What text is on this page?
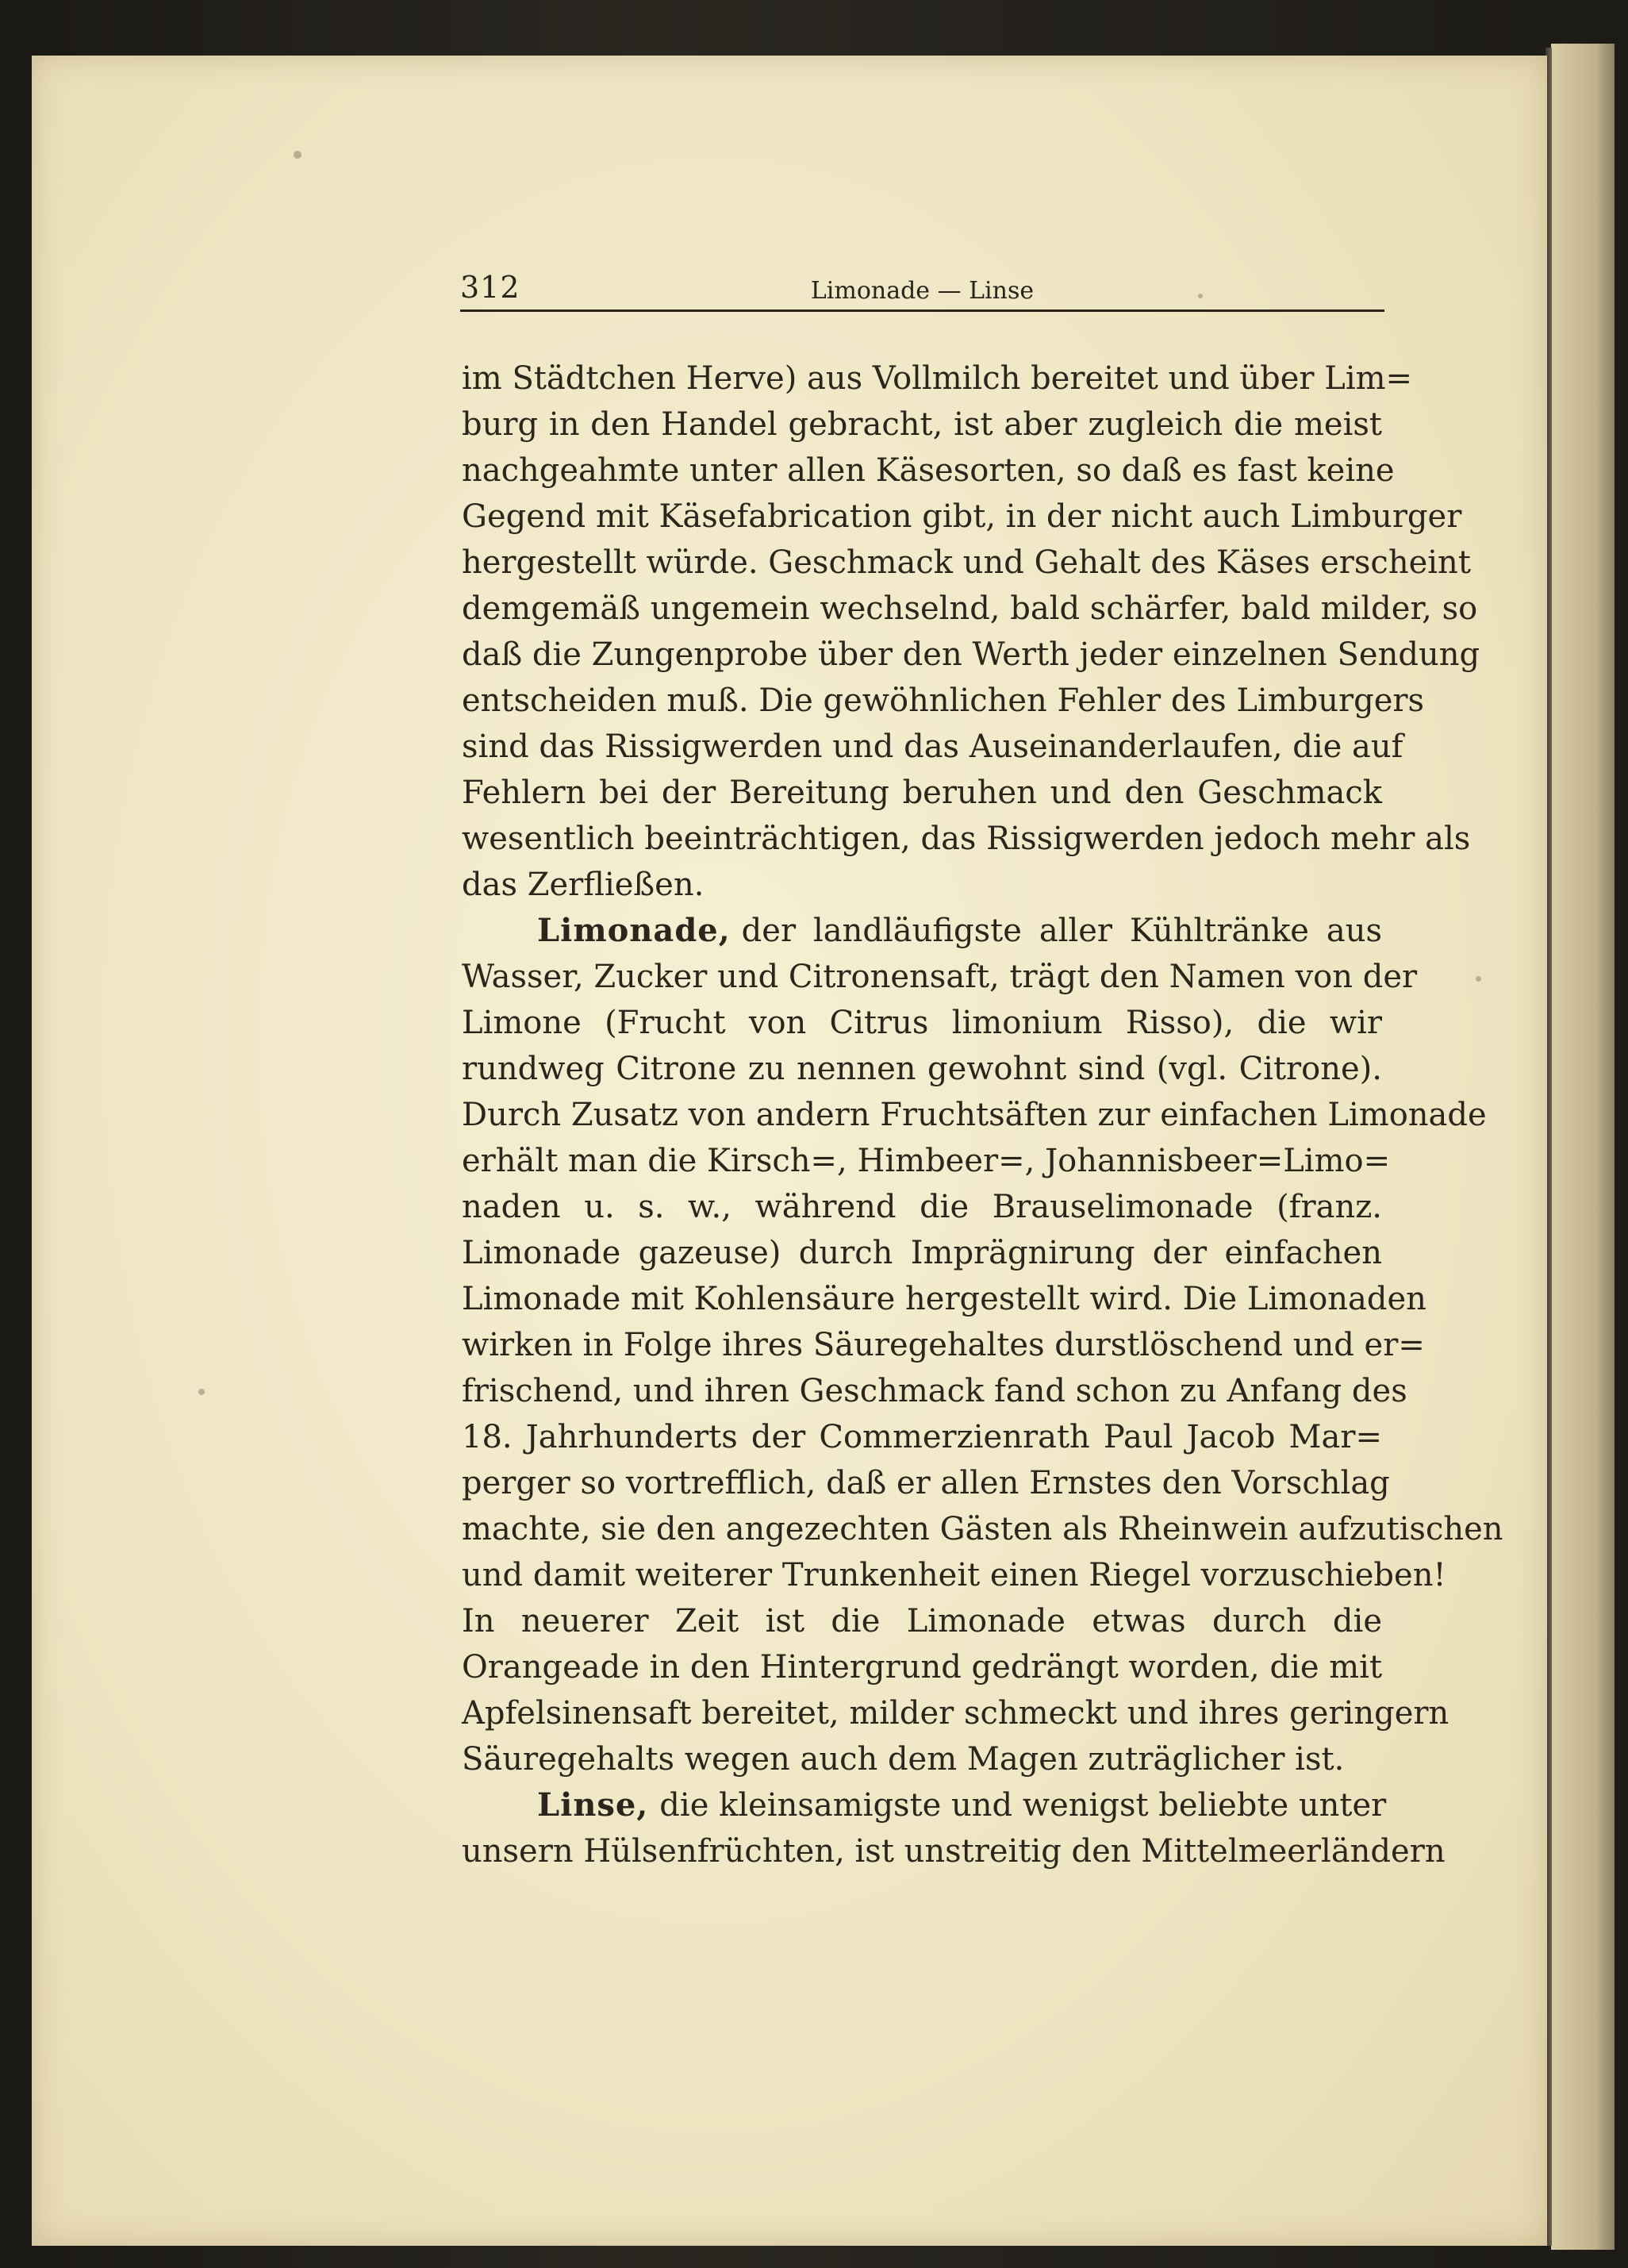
312	Limonade — Linse
im Städtchen Herve) aus Vollmilch bereitet und über Lim=
burg in den Handel gebracht, ist aber zugleich die meist
nachgeahmte unter allen Käsesorten, so daß es fast keine
Gegend mit Käsefabrication gibt, in der nicht auch Limburger
hergestellt würde. Geschmack und Gehalt des Käses erscheint
demgemäß ungemein wechselnd, bald schärfer, bald milder, so
daß die Zungenprobe über den Werth jeder einzelnen Sendung
entscheiden muß. Die gewöhnlichen Fehler des Limburgers
sind das Rissigwerden und das Auseinanderlaufen, die auf
Fehlern bei der Bereitung beruhen und den Geschmack
wesentlich beeinträchtigen, das Rissigwerden jedoch mehr als
das Zerfließen.
Limonade, der landläufigste aller Kühltränke aus
Wasser, Zucker und Citronensaft, trägt den Namen von der
Limone (Frucht von Citrus limonium Risso), die wir
rundweg Citrone zu nennen gewohnt sind (vgl. Citrone).
Durch Zusatz von andern Fruchtsäften zur einfachen Limonade
erhält man die Kirsch=, Himbeer=, Johannisbeer=Limo=
naden u. s. w., während die Brauselimonade (franz.
Limonade gazeuse) durch Imprägnirung der einfachen
Limonade mit Kohlensäure hergestellt wird. Die Limonaden
wirken in Folge ihres Säuregehaltes durstlöschend und er=
frischend, und ihren Geschmack fand schon zu Anfang des
18. Jahrhunderts der Commerzienrath Paul Jacob Mar=
perger so vortrefflich, daß er allen Ernstes den Vorschlag
machte, sie den angezechten Gästen als Rheinwein aufzutischen
und damit weiterer Trunkenheit einen Riegel vorzuschieben!
In neuerer Zeit ist die Limonade etwas durch die
Orangeade in den Hintergrund gedrängt worden, die mit
Apfelsinensaft bereitet, milder schmeckt und ihres geringern
Säuregehalts wegen auch dem Magen zuträglicher ist.
Linse, die kleinsamigste und wenigst beliebte unter
unsern Hülsenfrüchten, ist unstreitig den Mittelmeerländern
